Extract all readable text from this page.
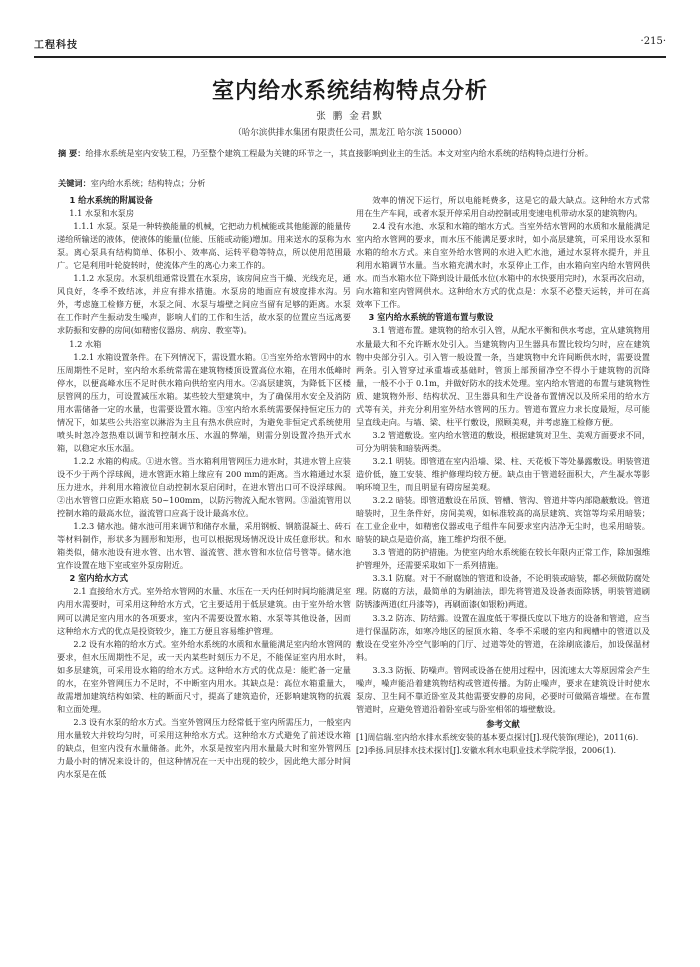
工程科技	·215·
室内给水系统结构特点分析
张 鹏 金君默
（哈尔滨供排水集团有限责任公司，黑龙江 哈尔滨 150000）
摘 要：给排水系统是室内安装工程，乃至整个建筑工程最为关键的环节之一，其直接影响到业主的生活。本文对室内给水系统的结构特点进行分析。
关键词：室内给水系统；结构特点；分析
1 给水系统的附属设备
1.1 水泵和水泵房

1.1.1 水泵。泵是一种转换能量的机械，它把动力机械能或其他能源的能量传递给所输送的液体，使液体的能量(位能、压能或动能)增加。用来送水的泵称为水泵。离心泵具有结构简单、体积小、效率高、运转平稳等特点，所以使用范围最广。它是利用叶轮旋转时，使流体产生的离心力来工作的。

1.1.2 水泵房。水泵机组通常设置在水泵房，该房间应当干燥、光线充足，通风良好，冬季不致结冰，并应有排水措施。水泵房的地面应有坡度排水沟。另外，考虑施工检修方便，水泵之间、水泵与墙壁之间应当留有足够的距离。水泵在工作时产生振动发生噪声，影响人们的工作和生活，故水泵的位置应当远离要求防振和安静的房间(如精密仪器房、病房、教室等)。

1.2 水箱

1.2.1 水箱设置条件。在下列情况下，需设置水箱。①当室外给水管网中的水压周期性不足时，室内给水系统常需在建筑物楼顶设置高位水箱，在用水低峰时停水，以便高峰水压不足时供水箱向供给室内用水。②高层建筑，为降低下区楼层管网的压力，可设置减压水箱。某些较大型建筑中，为了确保用水安全及消防用水需储备一定的水量，也需要设置水箱。③室内给水系统需要保持恒定压力的情况下，如某些公共浴室以淋浴为主且有热水供应时，为避免非恒定式系统使用喷头时忽冷忽热难以调节和控制水压、水温的弊端，则需分别设置冷热开式水箱，以稳定水压水温。

1.2.2 水箱的构成。①进水管。当水箱利用管网压力进水时，其进水管上应装设不少于两个浮球阀，进水管距水箱上缘应有 200 mm的距离。当水箱通过水泵压力进水，并利用水箱液位自动控制水泵启闭时，在进水管出口可不设浮球阀。②出水管管口应距水箱底 50~100mm，以防污物流入配水管网。③溢流管用以控制水箱的最高水位，溢流管口应高于设计最高水位。

1.2.3 储水池。储水池可用来调节和储存水量，采用钢板、钢筋混凝土、砖石等材料制作，形状多为圆形和矩形，也可以根据现场情况设计成任意形状。和水箱类似，储水池设有进水管、出水管、溢流管、泄水管和水位信号管等。储水池宜作设置在地下室或室外泵房附近。

2 室内给水方式

2.1 直接给水方式。室外给水管网的水量、水压在一天内任何时间均能满足室内用水需要时，可采用这种给水方式，它主要适用于低层建筑。由于室外给水管网可以满足室内用水的各项要求，室内不需要设置水箱、水泵等其他设备，因而这种给水方式的优点是投资较少，施工方便且容易维护管理。

2.2 设有水箱的给水方式。室外给水系统的水质和水量能满足室内给水管网的要求，但水压周期性不足，或一天内某些时刻压力不足，不能保证室内用水时，如多层建筑，可采用设水箱的给水方式。这种给水方式的优点是：能贮备一定量的水，在室外管网压力不足时，不中断室内用水。其缺点是：高位水箱重量大，故需增加建筑结构如梁、柱的断面尺寸，提高了建筑造价，还影响建筑物的抗震和立面处理。

2.3 设有水泵的给水方式。当室外管网压力经常低于室内所需压力，一般室内用水量较大并较均匀时，可采用这种给水方式。这种给水方式避免了前述设水箱的缺点，但室内没有水量储备。此外，水泵是按室内用水量最大时和室外管网压力最小时的情况来设计的，但这种情况在一天中出现的较少，因此绝大部分时间内水泵是在低

效率的情况下运行，所以电能耗费多，这是它的最大缺点。这种给水方式常用在生产车间，或者水泵开停采用自动控制或用变速电机带动水泵的建筑物内。

2.4 没有水池、水泵和水箱的缩水方式。当室外结水管网的水质和水量能满足室内给水管网的要求，而水压不能满足要求时，如小高层建筑，可采用设水泵和水箱的给水方式。来自室外给水管网的水进入贮水池，通过水泵将水提升，并且利用水箱调节水量。当水箱充满水时，水泵停止工作，由水箱向室内给水管网供水。而当水箱水位下降到设计最低水位(水箱中的水快要用完时)，水泵再次启动，向水箱和室内管网供水。这种给水方式的优点是：水泵不必整天运转，并可在高效率下工作。

3 室内给水系统的管道布置与敷设

3.1 管道布置。建筑物的给水引入管，从配水平衡和供水考虑，宜从建筑物用水量最大和不允许断水处引入。当建筑物内卫生器具布置比较均匀时，应在建筑物中央部分引入。引入管一般设置一条，当建筑物中允许间断供水时，需要设置两条。引入管穿过承重墙或基础时，管顶上部预留净空不得小于建筑物的沉降量，一般不小于 0.1m，并做好防水的技术处理。室内给水管道的布置与建筑物性质、建筑物外形、结构状况、卫生器具和生产设备布置情况以及所采用的给水方式等有关，并充分利用室外结水管网的压力。管道布置应力求长度最短，尽可能呈直线走向。与墙、梁、柱平行敷设，照顾美观，并考虑施工检修方便。

3.2 管道敷设。室内给水管道的敷设，根据建筑对卫生、美观方面要求不同，可分为明装和暗装两类。

3.2.1 明装。即管道在室内沿墙、梁、柱、天花板下等处暴露敷设。明装管道造价低，施工安装、维护修理均较方便。缺点由于管道轻面积大，产生凝水等影响环境卫生，而且明显有碍房屋美观。

3.2.2 暗装。即管道敷设在吊顶、管槽、管沟、管道井等内部隐蔽敷设。管道暗装时，卫生条件好，房间美观，如标准较高的高层建筑、宾馆等均采用暗装；在工业企业中，如精密仪器或电子组件车间要求室内洁净无尘时，也采用暗装。暗装的缺点是造价高，施工维护均很不便。

3.3 管道的防护措施。为使室内给水系统能在较长年限内正常工作，除加强维护管理外，还需要采取如下一系列措施。

3.3.1 防腐。对于不耐腐蚀的管道和设备，不论明装或暗装，都必须做防腐处理。防腐的方法，最简单的为刷油法，即先将管道及设备表面除锈，明装管道刷防锈漆两道(红丹漆等)，再刷面漆(如银粉)两道。

3.3.2 防冻、防结露。设置在温度低于零摄氏度以下地方的设备和管道，应当进行保温防冻，如寒冷地区的屋顶水箱、冬季不采暖的室内和阀槽中的管道以及敷设在受室外冷空气影响的门厅、过道等处的管道，在涂刷底漆后，加设保温材料。

3.3.3 防振、防噪声。管网或设备在使用过程中，因流速太大等原因常会产生噪声，噪声能沿着建筑物结构或管道传播。为防止噪声，要求在建筑设计时使水泵房、卫生间不靠近卧室及其他需要安静的房间，必要时可做隔音墙壁。在布置管道时，应避免管道沿着卧室或与卧室相邻的墙壁敷设。

参考文献
[1]周信瑞.室内给水排水系统安装的基本要点探讨[J].现代装饰(理论)，2011(6).
[2]季扬.同层排水技术探讨[J].安徽水利水电职业技术学院学报，2006(1).
